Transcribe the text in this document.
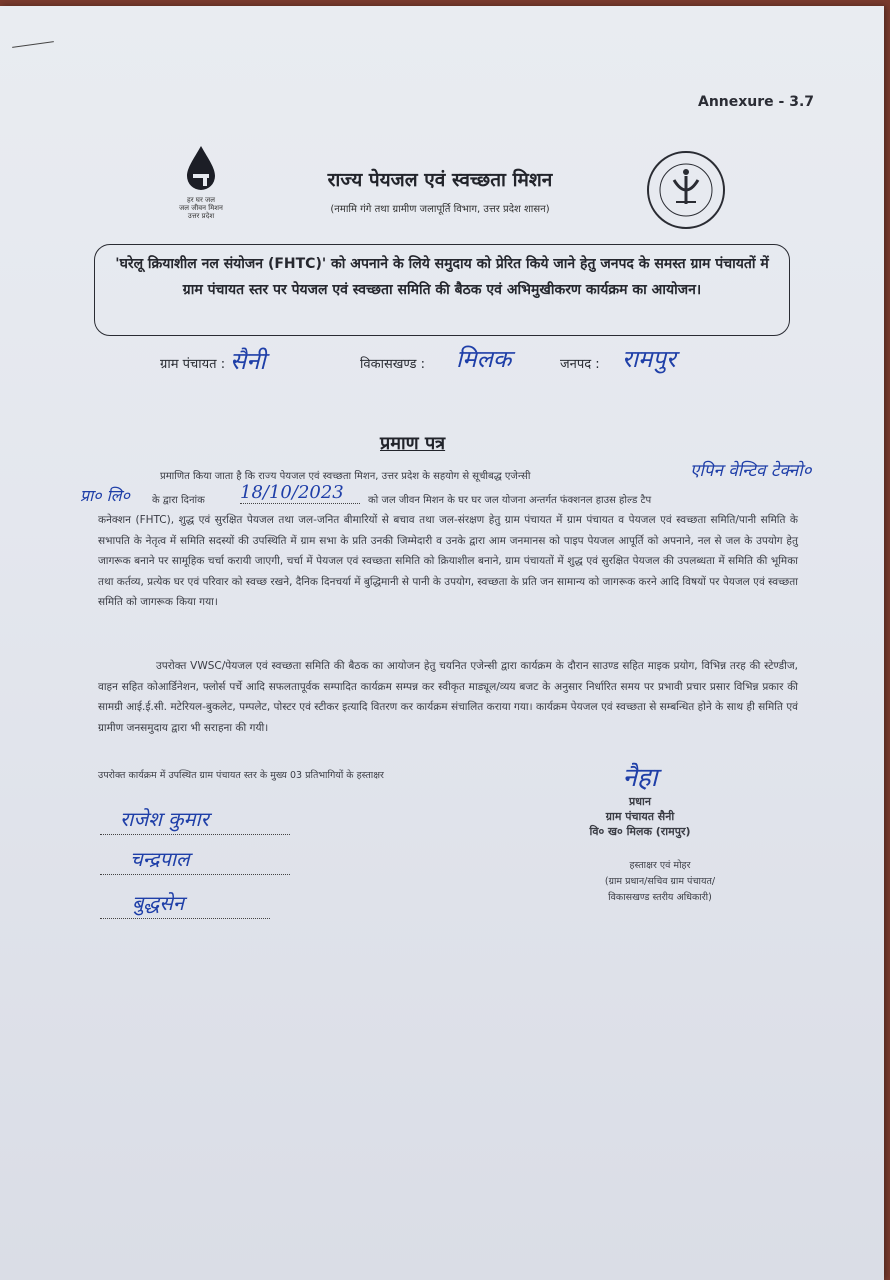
Annexure - 3.7
हर घर जल
जल जीवन मिशन
उत्तर प्रदेश
राज्य पेयजल एवं स्वच्छता मिशन
(नमामि गंगे तथा ग्रामीण जलापूर्ति विभाग, उत्तर प्रदेश शासन)
'घरेलू क्रियाशील नल संयोजन (FHTC)' को अपनाने के लिये समुदाय को प्रेरित किये जाने हेतु जनपद के समस्त ग्राम पंचायतों में ग्राम पंचायत स्तर पर पेयजल एवं स्वच्छता समिति की बैठक एवं अभिमुखीकरण कार्यक्रम का आयोजन।
ग्राम पंचायत : सैनी	विकासखण्ड : मिलक	जनपद : रामपुर
प्रमाण पत्र
प्रमाणित किया जाता है कि राज्य पेयजल एवं स्वच्छता मिशन, उत्तर प्रदेश के सहयोग से सूचीबद्ध एजेन्सी	एपिन वेन्टिव टेक्नो०
प्रा० लि० के द्वारा दिनांक 18/10/2023	को जल जीवन मिशन के घर घर जल योजना अन्तर्गत फंक्शनल हाउस होल्ड टैप

कनेक्शन (FHTC), शुद्ध एवं सुरक्षित पेयजल तथा जल-जनित बीमारियों से बचाव तथा जल-संरक्षण हेतु ग्राम पंचायत में ग्राम पंचायत व पेयजल एवं स्वच्छता समिति/पानी समिति के सभापति के नेतृत्व में समिति सदस्यों की उपस्थिति में ग्राम सभा के प्रति उनकी जिम्मेदारी व उनके द्वारा आम जनमानस को पाइप पेयजल आपूर्ति को अपनाने, नल से जल के उपयोग हेतु जागरूक बनाने पर सामूहिक चर्चा करायी जाएगी, चर्चा में पेयजल एवं स्वच्छता समिति को क्रियाशील बनाने, ग्राम पंचायतों में शुद्ध एवं सुरक्षित पेयजल की उपलब्धता में समिति की भूमिका तथा कर्तव्य, प्रत्येक घर एवं परिवार को स्वच्छ रखने, दैनिक दिनचर्या में बुद्धिमानी से पानी के उपयोग, स्वच्छता के प्रति जन सामान्य को जागरूक करने आदि विषयों पर पेयजल एवं स्वच्छता समिति को जागरूक किया गया।

उपरोक्त VWSC/पेयजल एवं स्वच्छता समिति की बैठक का आयोजन हेतु चयनित एजेन्सी द्वारा कार्यक्रम के दौरान साउण्ड सहित माइक प्रयोग, विभिन्न तरह की स्टेण्डीज, वाहन सहित कोआर्डिनेशन, फ्लोर्स पर्चे आदि सफलतापूर्वक सम्पादित कार्यक्रम सम्पन्न कर स्वीकृत माड्यूल/व्यय बजट के अनुसार निर्धारित समय पर प्रभावी प्रचार प्रसार विभिन्न प्रकार की सामग्री आई.ई.सी. मटेरियल-बुकलेट, पम्पलेट, पोस्टर एवं स्टीकर इत्यादि वितरण कर कार्यक्रम संचालित कराया गया। कार्यक्रम पेयजल एवं स्वच्छता से सम्बन्धित होने के साथ ही समिति एवं ग्रामीण जनसमुदाय द्वारा भी सराहना की गयी।

उपरोक्त कार्यक्रम में उपस्थित ग्राम पंचायत स्तर के मुख्य 03 प्रतिभागियों के हस्ताक्षर
राजेश कुमार
चन्द्रपाल
बुद्धसेन
नैहा
प्रधान
ग्राम पंचायत सैनी
वि० ख० मिलक (रामपुर)
हस्ताक्षर एवं मोहर
(ग्राम प्रधान/सचिव ग्राम पंचायत/
विकासखण्ड स्तरीय अधिकारी)
